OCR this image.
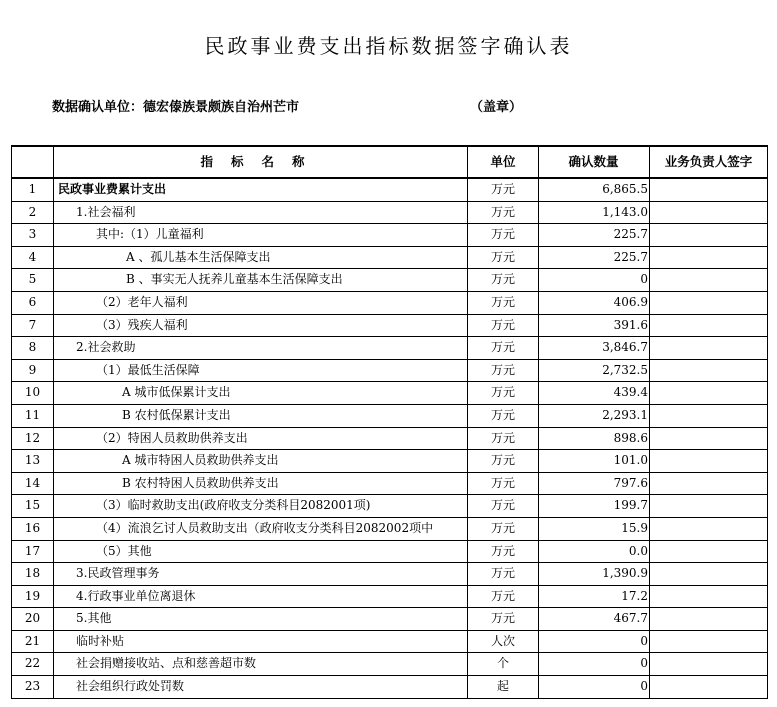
民政事业费支出指标数据签字确认表
数据确认单位：德宏傣族景颇族自治州芒市	（盖章）
	指标名称	单位	确认数量	业务负责人签字
1	民政事业费累计支出	万元	6,865.5	
2	1.社会福利	万元	1,143.0	
3	其中:（1）儿童福利	万元	225.7	
4	A 、孤儿基本生活保障支出	万元	225.7	
5	B 、事实无人抚养儿童基本生活保障支出	万元	0	
6	（2）老年人福利	万元	406.9	
7	（3）残疾人福利	万元	391.6	
8	2.社会救助	万元	3,846.7	
9	（1）最低生活保障	万元	2,732.5	
10	A 城市低保累计支出	万元	439.4	
11	B 农村低保累计支出	万元	2,293.1	
12	（2）特困人员救助供养支出	万元	898.6	
13	A 城市特困人员救助供养支出	万元	101.0	
14	B 农村特困人员救助供养支出	万元	797.6	
15	（3）临时救助支出(政府收支分类科目2082001项)	万元	199.7	
16	（4）流浪乞讨人员救助支出（政府收支分类科目2082002项中	万元	15.9	
17	（5）其他	万元	0.0	
18	3.民政管理事务	万元	1,390.9	
19	4.行政事业单位离退休	万元	17.2	
20	5.其他	万元	467.7	
21	临时补贴	人次	0	
22	社会捐赠接收站、点和慈善超市数	个	0	
23	社会组织行政处罚数	起	0	
